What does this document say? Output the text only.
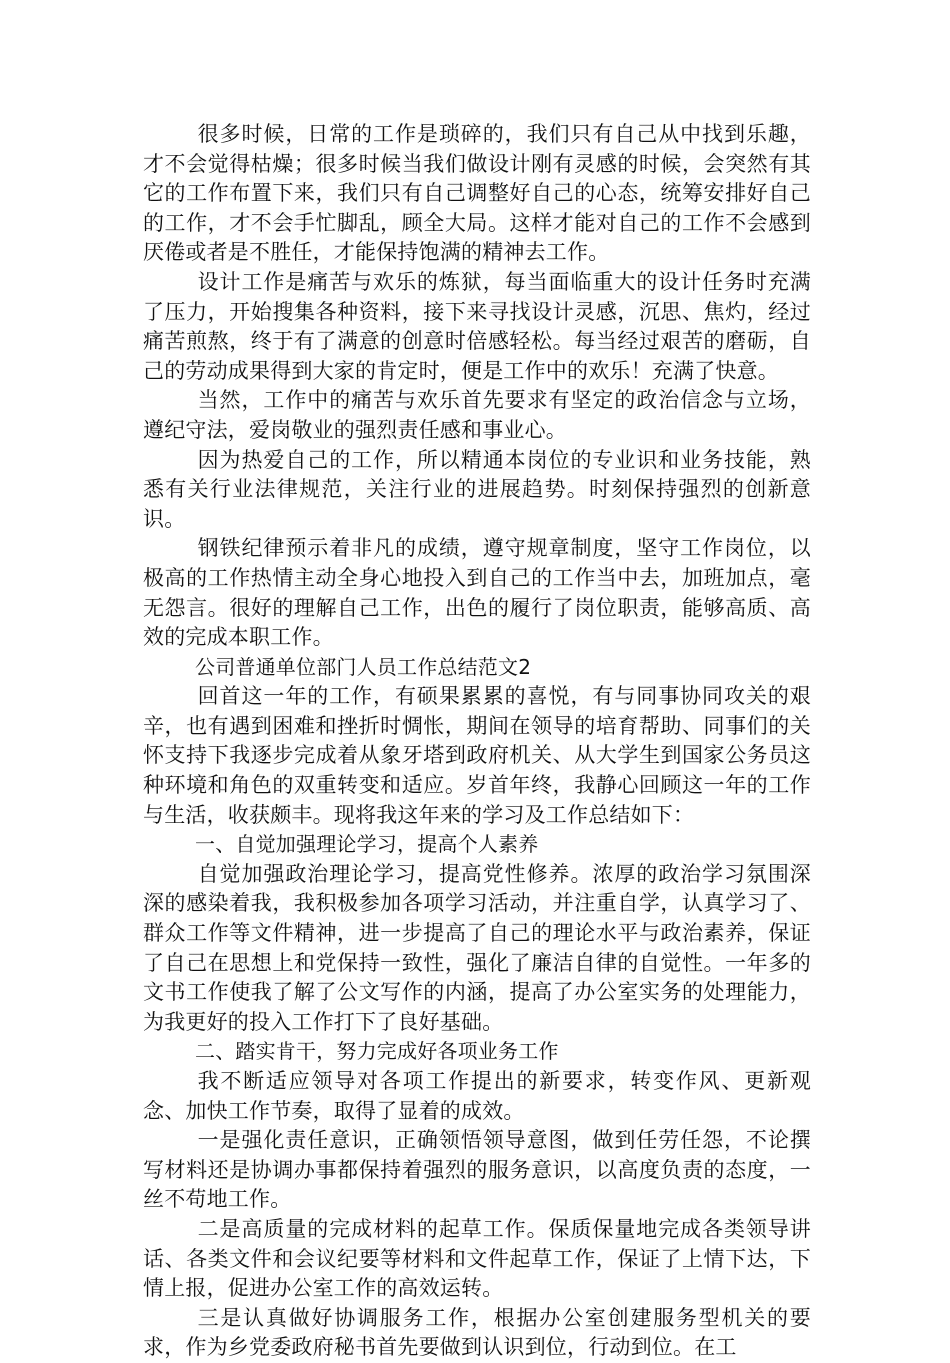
很多时候，日常的工作是琐碎的，我们只有自己从中找到乐趣，才不会觉得枯燥；很多时候当我们做设计刚有灵感的时候，会突然有其它的工作布置下来，我们只有自己调整好自己的心态，统筹安排好自己的工作，才不会手忙脚乱，顾全大局。这样才能对自己的工作不会感到厌倦或者是不胜任，才能保持饱满的精神去工作。

设计工作是痛苦与欢乐的炼狱，每当面临重大的设计任务时充满了压力，开始搜集各种资料，接下来寻找设计灵感，沉思、焦灼，经过痛苦煎熬，终于有了满意的创意时倍感轻松。每当经过艰苦的磨砺，自己的劳动成果得到大家的肯定时，便是工作中的欢乐！充满了快意。

当然，工作中的痛苦与欢乐首先要求有坚定的政治信念与立场，遵纪守法，爱岗敬业的强烈责任感和事业心。

因为热爱自己的工作，所以精通本岗位的专业识和业务技能，熟悉有关行业法律规范，关注行业的进展趋势。时刻保持强烈的创新意识。

钢铁纪律预示着非凡的成绩，遵守规章制度，坚守工作岗位，以极高的工作热情主动全身心地投入到自己的工作当中去，加班加点，毫无怨言。很好的理解自己工作，出色的履行了岗位职责，能够高质、高效的完成本职工作。

公司普通单位部门人员工作总结范文2

回首这一年的工作，有硕果累累的喜悦，有与同事协同攻关的艰辛，也有遇到困难和挫折时惆怅，期间在领导的培育帮助、同事们的关怀支持下我逐步完成着从象牙塔到政府机关、从大学生到国家公务员这种环境和角色的双重转变和适应。岁首年终，我静心回顾这一年的工作与生活，收获颇丰。现将我这年来的学习及工作总结如下：

一、自觉加强理论学习，提高个人素养

自觉加强政治理论学习，提高党性修养。浓厚的政治学习氛围深深的感染着我，我积极参加各项学习活动，并注重自学，认真学习了、群众工作等文件精神，进一步提高了自己的理论水平与政治素养，保证了自己在思想上和党保持一致性，强化了廉洁自律的自觉性。一年多的文书工作使我了解了公文写作的内涵，提高了办公室实务的处理能力，为我更好的投入工作打下了良好基础。

二、踏实肯干，努力完成好各项业务工作

我不断适应领导对各项工作提出的新要求，转变作风、更新观念、加快工作节奏，取得了显着的成效。

一是强化责任意识，正确领悟领导意图，做到任劳任怨，不论撰写材料还是协调办事都保持着强烈的服务意识，以高度负责的态度，一丝不苟地工作。

二是高质量的完成材料的起草工作。保质保量地完成各类领导讲话、各类文件和会议纪要等材料和文件起草工作，保证了上情下达，下情上报，促进办公室工作的高效运转。

三是认真做好协调服务工作，根据办公室创建服务型机关的要求，作为乡党委政府秘书首先要做到认识到位，行动到位。在工
